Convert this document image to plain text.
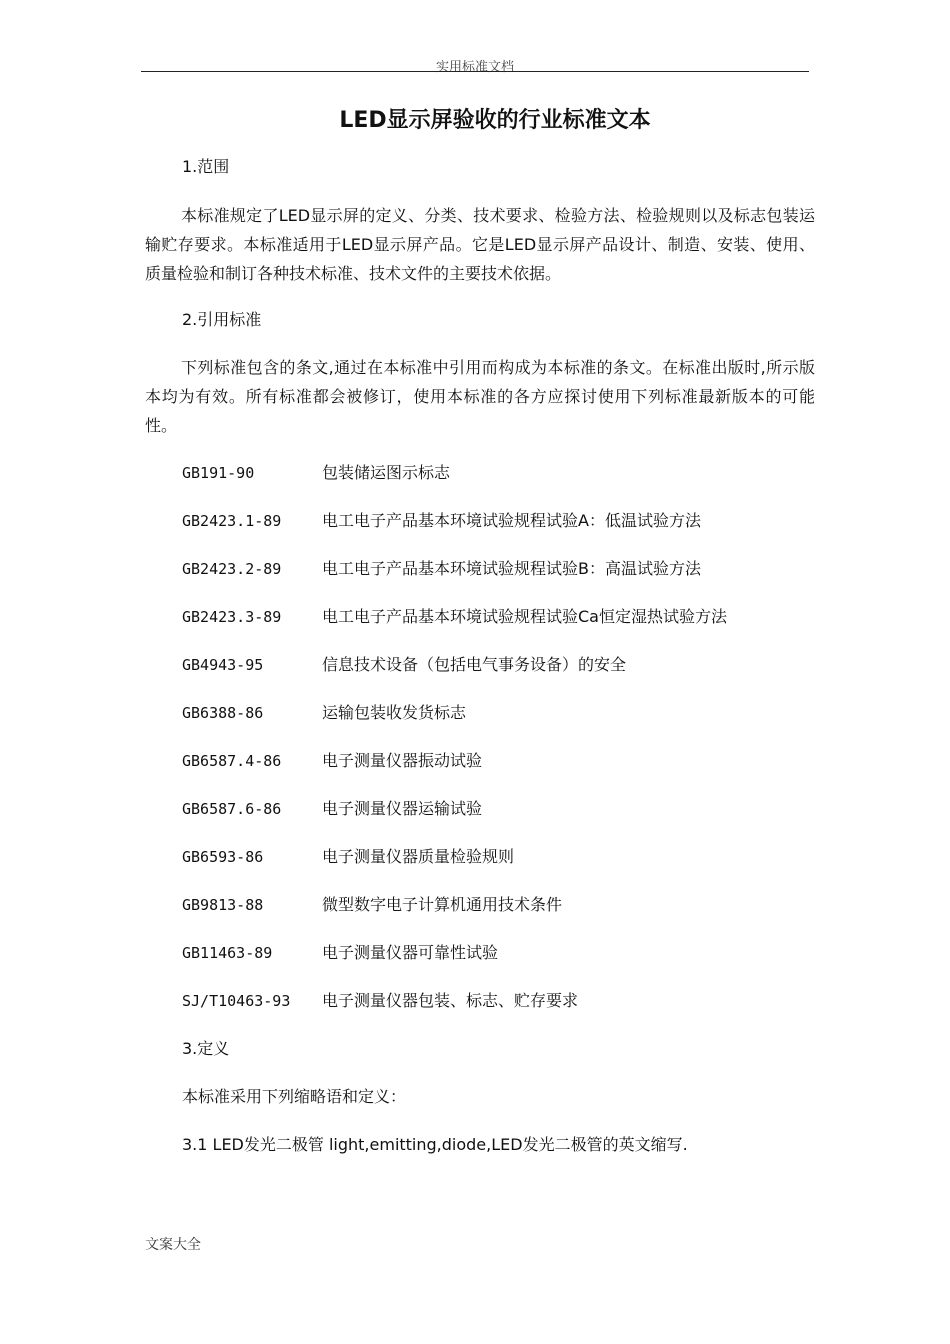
实用标准文档
LED显示屏验收的行业标准文本
1.范围
本标准规定了LED显示屏的定义、分类、技术要求、检验方法、检验规则以及标志包装运输贮存要求。本标准适用于LED显示屏产品。它是LED显示屏产品设计、制造、安装、使用、质量检验和制订各种技术标准、技术文件的主要技术依据。
2.引用标准
下列标准包含的条文,通过在本标准中引用而构成为本标准的条文。在标准出版时,所示版本均为有效。所有标准都会被修订，使用本标准的各方应探讨使用下列标准最新版本的可能性。
GB191-90	包装储运图示标志
GB2423.1-89	电工电子产品基本环境试验规程试验A：低温试验方法
GB2423.2-89	电工电子产品基本环境试验规程试验B：高温试验方法
GB2423.3-89	电工电子产品基本环境试验规程试验Ca恒定湿热试验方法
GB4943-95	信息技术设备（包括电气事务设备）的安全
GB6388-86	运输包装收发货标志
GB6587.4-86	电子测量仪器振动试验
GB6587.6-86	电子测量仪器运输试验
GB6593-86	电子测量仪器质量检验规则
GB9813-88	微型数字电子计算机通用技术条件
GB11463-89	电子测量仪器可靠性试验
SJ/T10463-93 电子测量仪器包装、标志、贮存要求
3.定义
本标准采用下列缩略语和定义：
3.1 LED发光二极管 light,emitting,diode,LED发光二极管的英文缩写.
文案大全
